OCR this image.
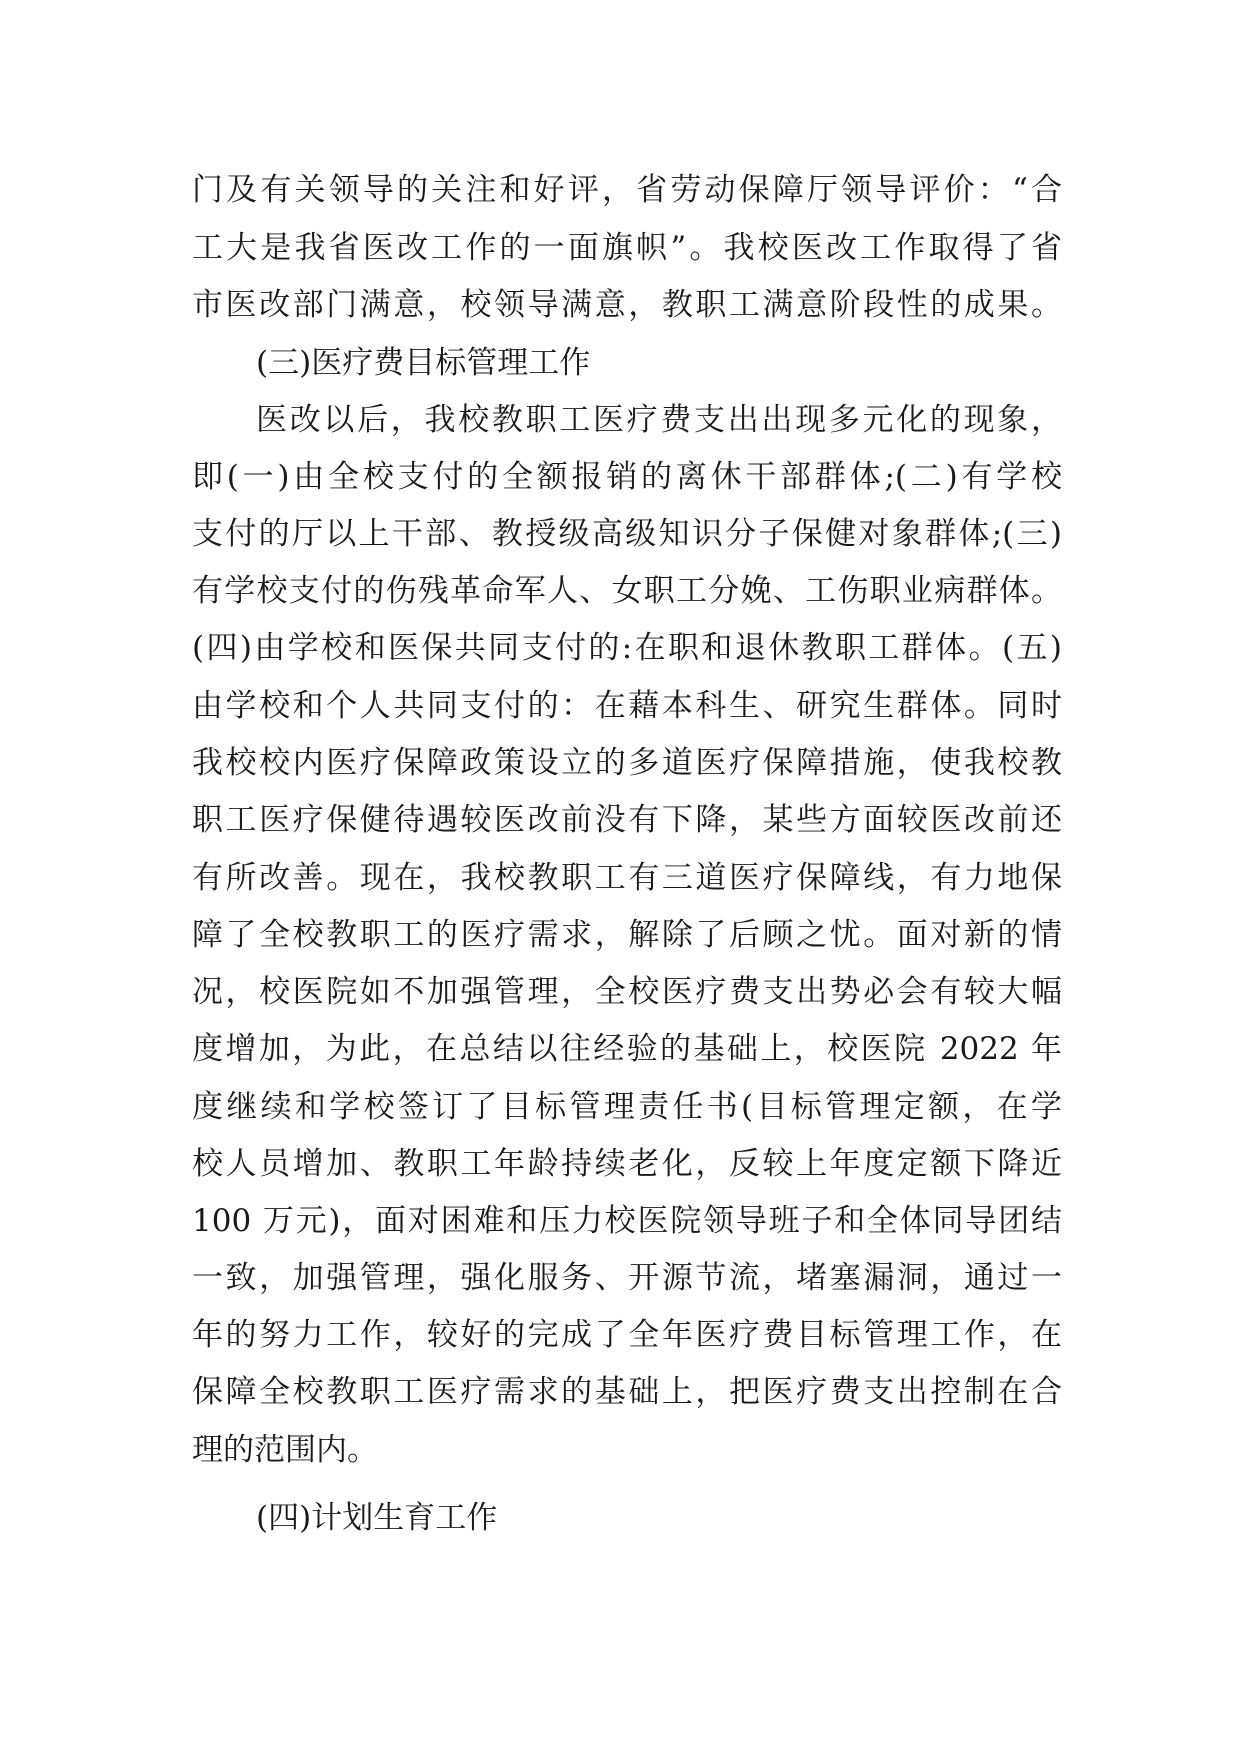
门及有关领导的关注和好评，省劳动保障厅领导评价：“合
工大是我省医改工作的一面旗帜”。我校医改工作取得了省
市医改部门满意，校领导满意，教职工满意阶段性的成果。
(三)医疗费目标管理工作
医改以后，我校教职工医疗费支出出现多元化的现象，
即(一)由全校支付的全额报销的离休干部群体;(二)有学校
支付的厅以上干部、教授级高级知识分子保健对象群体;(三)
有学校支付的伤残革命军人、女职工分娩、工伤职业病群体。
(四)由学校和医保共同支付的:在职和退休教职工群体。(五)
由学校和个人共同支付的：在藉本科生、研究生群体。同时
我校校内医疗保障政策设立的多道医疗保障措施，使我校教
职工医疗保健待遇较医改前没有下降，某些方面较医改前还
有所改善。现在，我校教职工有三道医疗保障线，有力地保
障了全校教职工的医疗需求，解除了后顾之忧。面对新的情
况，校医院如不加强管理，全校医疗费支出势必会有较大幅
度增加，为此，在总结以往经验的基础上，校医院 2022 年
度继续和学校签订了目标管理责任书(目标管理定额，在学
校人员增加、教职工年龄持续老化，反较上年度定额下降近
100 万元)，面对困难和压力校医院领导班子和全体同导团结
一致，加强管理，强化服务、开源节流，堵塞漏洞，通过一
年的努力工作，较好的完成了全年医疗费目标管理工作，在
保障全校教职工医疗需求的基础上，把医疗费支出控制在合
理的范围内。
(四)计划生育工作
